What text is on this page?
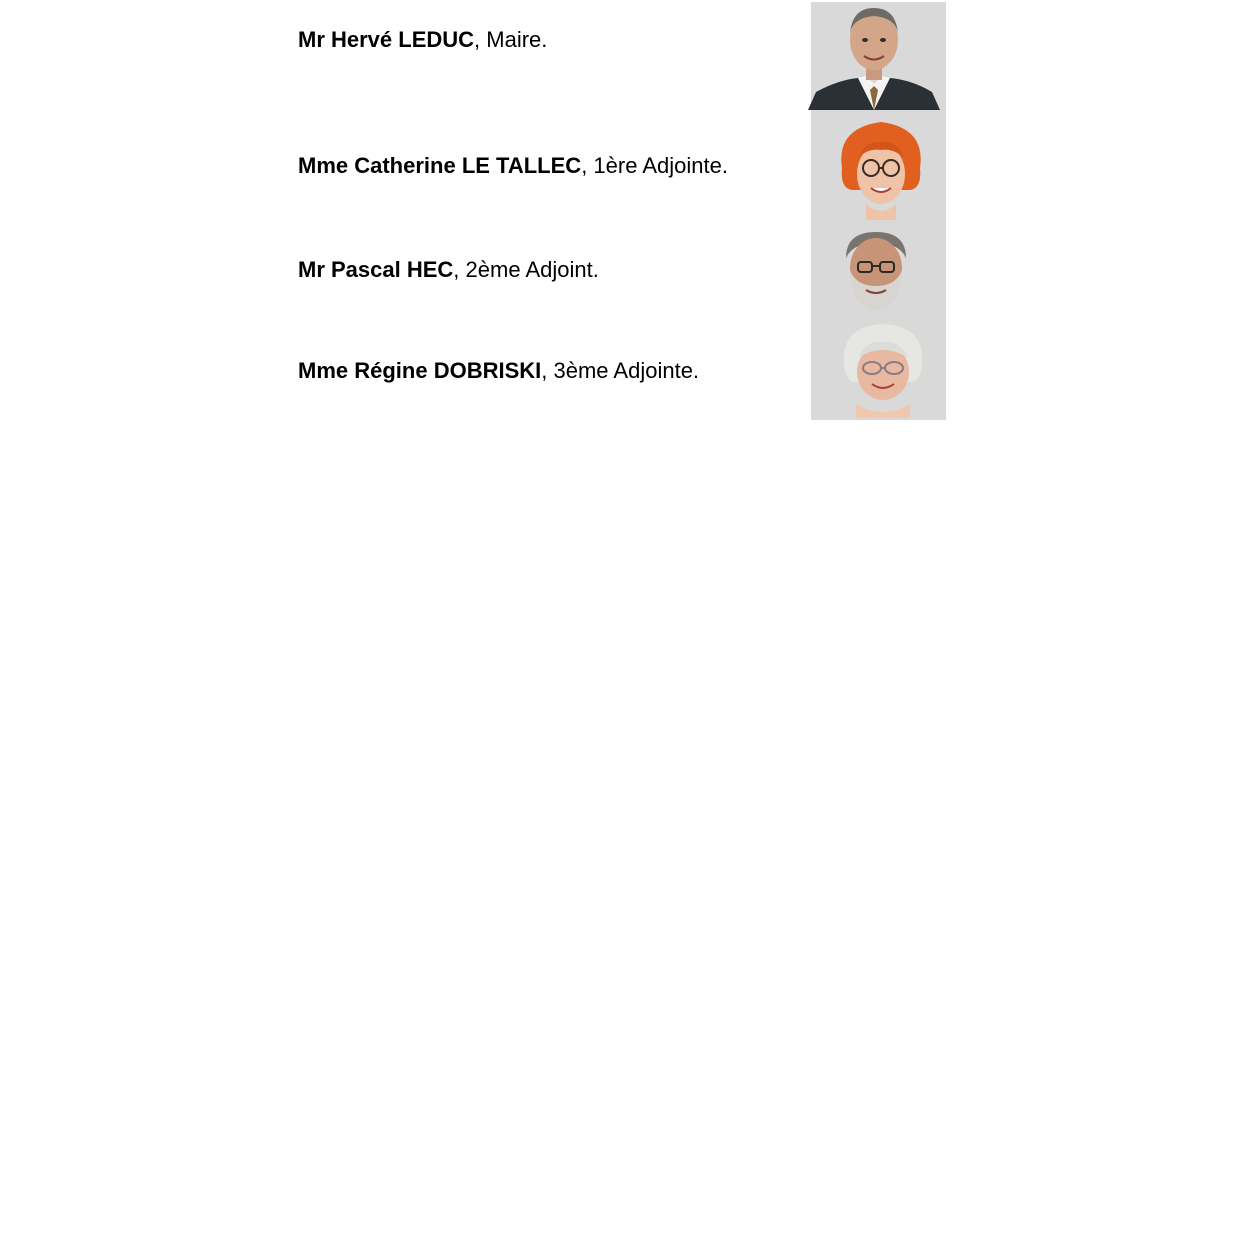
Mr Hervé LEDUC, Maire.
Mme Catherine LE TALLEC, 1ère Adjointe.
Mr Pascal HEC, 2ème Adjoint.
Mme Régine DOBRISKI, 3ème Adjointe.
